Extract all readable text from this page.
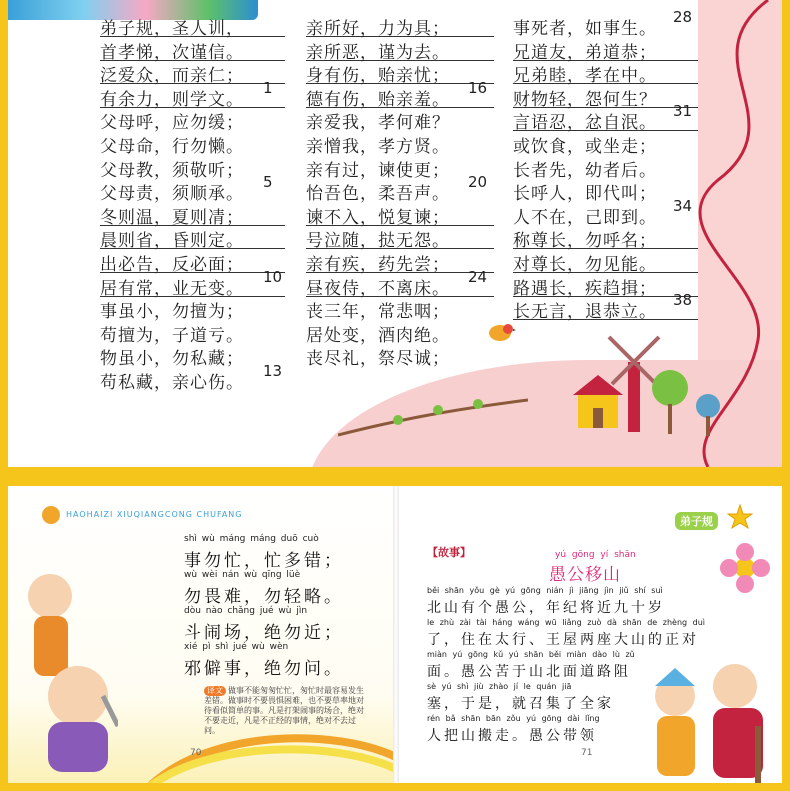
弟子规，圣人训，
首孝悌，次谨信。
泛爱众，而亲仁；
有余力，则学文。
1
父母呼，应勿缓；
父母命，行勿懒。
父母教，须敬听；
父母责，须顺承。
5
冬则温，夏则凊；
晨则省，昏则定。
出必告，反必面；
居有常，业无变。
10
事虽小，勿擅为；
苟擅为，子道亏。
物虽小，勿私藏；
苟私藏，亲心伤。
13
亲所好，力为具；
亲所恶，谨为去。
身有伤，贻亲忧；
德有伤，贻亲羞。
16
亲爱我，孝何难？
亲憎我，孝方贤。
亲有过，谏使更；
怡吾色，柔吾声。
20
谏不入，悦复谏；
号泣随，挞无怨。
亲有疾，药先尝；
昼夜侍，不离床。
24
丧三年，常悲咽；
居处变，酒肉绝。
丧尽礼，祭尽诚；
事死者，如事生。
28
兄道友，弟道恭；
兄弟睦，孝在中。
财物轻，怨何生？
言语忍，忿自泯。
31
或饮食，或坐走；
长者先，幼者后。
长呼人，即代叫；
人不在，己即到。
34
称尊长，勿呼名；
对尊长，勿见能。
路遇长，疾趋揖；
长无言，退恭立。
38
HAOHAIZI XIUQIANGCONG CHUFANG
shì wù máng máng duō cuò
事勿忙，忙多错；
wù wèi nán wù qīng lüè
勿畏难，勿轻略。
dòu nào chǎng jué wù jìn
斗闹场，绝勿近；
xié pì shì jué wù wèn
邪僻事，绝勿问。
译文 做事不能匆匆忙忙，匆忙时最容易发生差错。做事时不要畏惧困难，也不要草率地对待看似简单的事。凡是打架闹事的场合，绝对不要走近，凡是不正经的事情，绝对不去过问。
70
弟子规
【故事】	yú gōng yí shān
愚公移山
běi shān yǒu gè yú gōng nián jì jiāng jìn jiǔ shí suì
北山有个愚公，年纪将近九十岁
le zhù zài tài háng wáng wū liǎng zuò dà shān de zhèng duì
了，住在太行、王屋两座大山的正对
miàn yú gōng kǔ yú shān běi miàn dào lù zǔ
面。愚公苦于山北面道路阻
sè yú shì jiù zhào jí le quán jiā
塞，于是，就召集了全家
rén bǎ shān bān zǒu yú gōng dài lǐng
人把山搬走。愚公带领
71
